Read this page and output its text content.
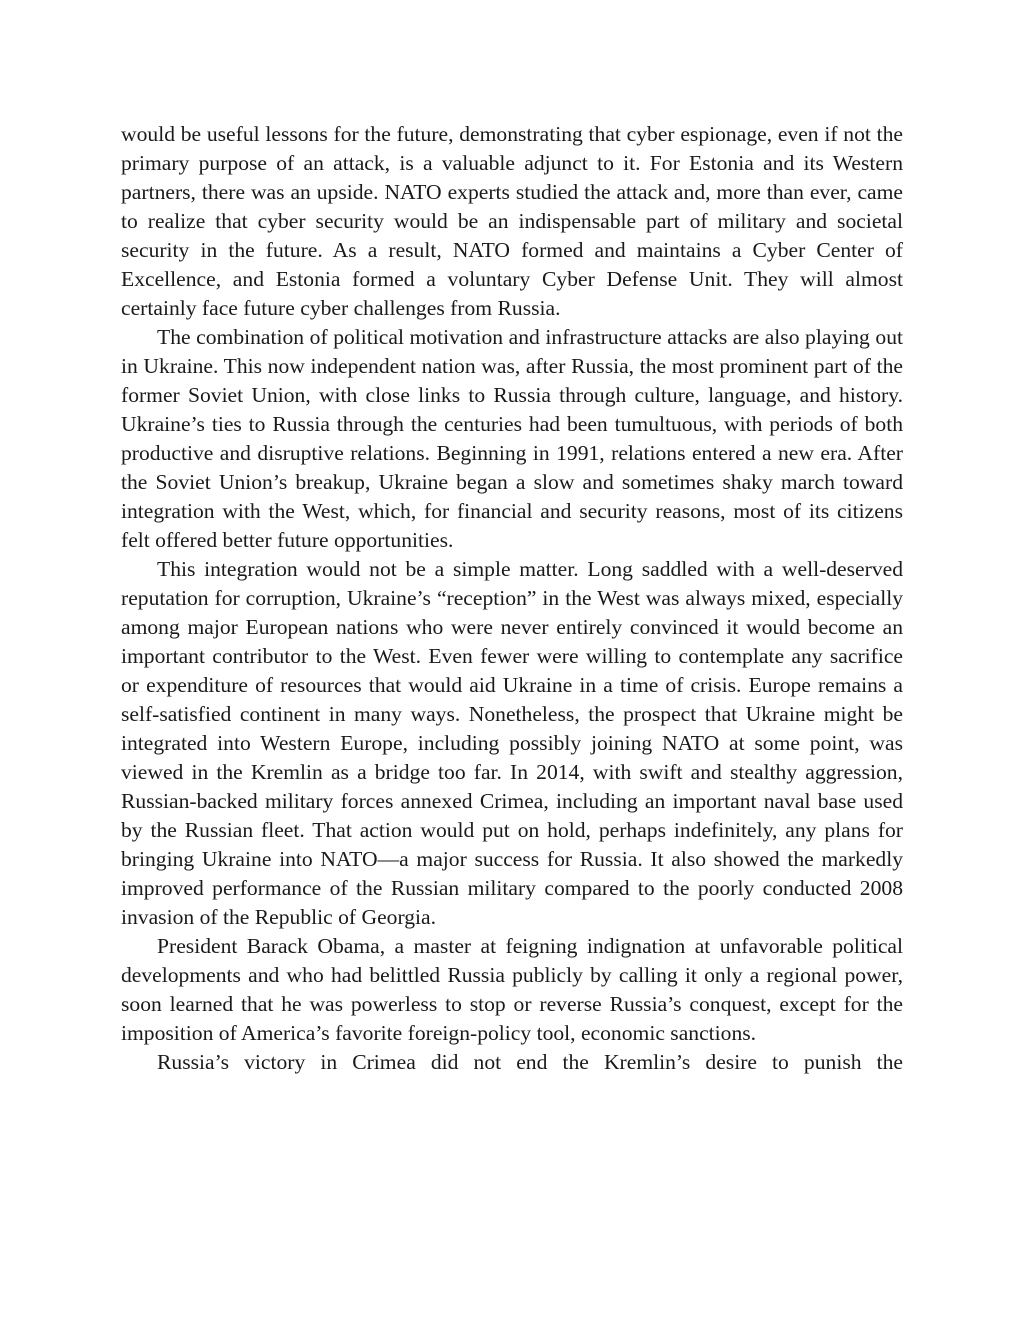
would be useful lessons for the future, demonstrating that cyber espionage, even if not the primary purpose of an attack, is a valuable adjunct to it. For Estonia and its Western partners, there was an upside. NATO experts studied the attack and, more than ever, came to realize that cyber security would be an indispensable part of military and societal security in the future. As a result, NATO formed and maintains a Cyber Center of Excellence, and Estonia formed a voluntary Cyber Defense Unit. They will almost certainly face future cyber challenges from Russia.

The combination of political motivation and infrastructure attacks are also playing out in Ukraine. This now independent nation was, after Russia, the most prominent part of the former Soviet Union, with close links to Russia through culture, language, and history. Ukraine’s ties to Russia through the centuries had been tumultuous, with periods of both productive and disruptive relations. Beginning in 1991, relations entered a new era. After the Soviet Union’s breakup, Ukraine began a slow and sometimes shaky march toward integration with the West, which, for financial and security reasons, most of its citizens felt offered better future opportunities.

This integration would not be a simple matter. Long saddled with a well-deserved reputation for corruption, Ukraine’s “reception” in the West was always mixed, especially among major European nations who were never entirely convinced it would become an important contributor to the West. Even fewer were willing to contemplate any sacrifice or expenditure of resources that would aid Ukraine in a time of crisis. Europe remains a self-satisfied continent in many ways. Nonetheless, the prospect that Ukraine might be integrated into Western Europe, including possibly joining NATO at some point, was viewed in the Kremlin as a bridge too far. In 2014, with swift and stealthy aggression, Russian-backed military forces annexed Crimea, including an important naval base used by the Russian fleet. That action would put on hold, perhaps indefinitely, any plans for bringing Ukraine into NATO—a major success for Russia. It also showed the markedly improved performance of the Russian military compared to the poorly conducted 2008 invasion of the Republic of Georgia.

President Barack Obama, a master at feigning indignation at unfavorable political developments and who had belittled Russia publicly by calling it only a regional power, soon learned that he was powerless to stop or reverse Russia’s conquest, except for the imposition of America’s favorite foreign-policy tool, economic sanctions.

Russia’s victory in Crimea did not end the Kremlin’s desire to punish the
